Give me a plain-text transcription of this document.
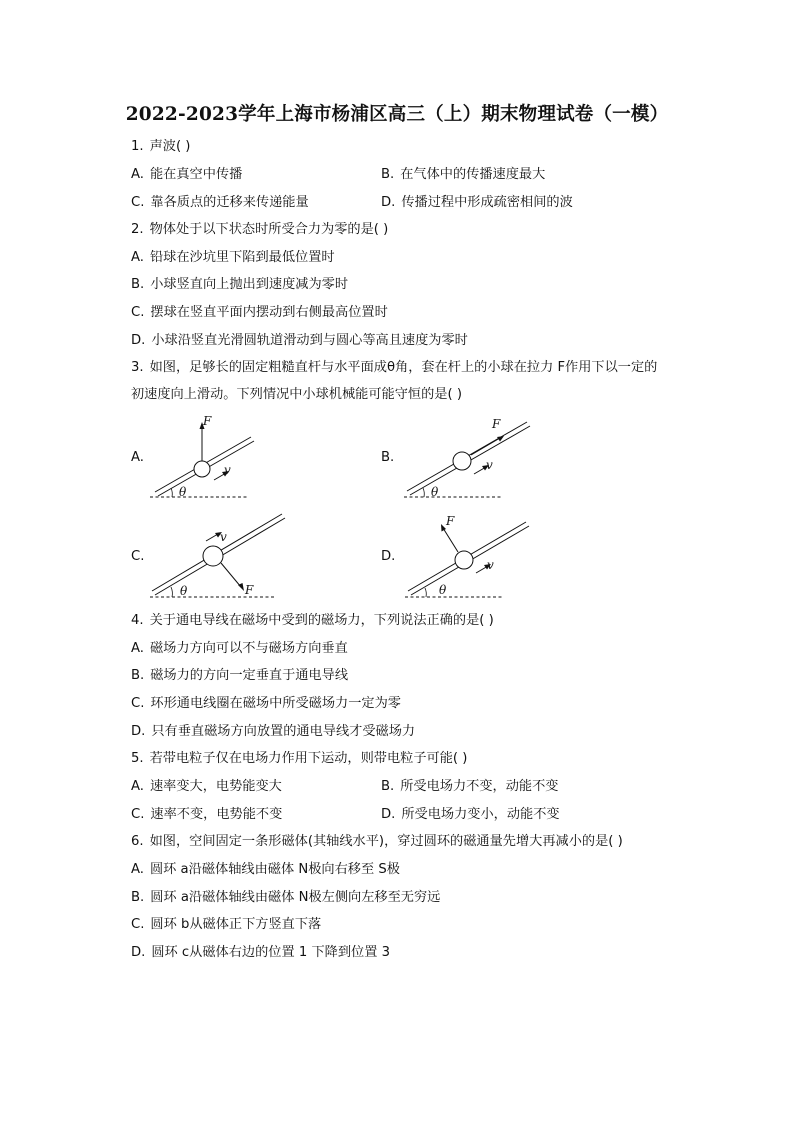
2022-2023学年上海市杨浦区高三（上）期末物理试卷（一模）
1. 声波( )
A. 能在真空中传播	B. 在气体中的传播速度最大
C. 靠各质点的迁移来传递能量	D. 传播过程中形成疏密相间的波
2. 物体处于以下状态时所受合力为零的是( )
A. 铅球在沙坑里下陷到最低位置时
B. 小球竖直向上抛出到速度减为零时
C. 摆球在竖直平面内摆动到右侧最高位置时
D. 小球沿竖直光滑圆轨道滑动到与圆心等高且速度为零时
3. 如图，足够长的固定粗糙直杆与水平面成θ角，套在杆上的小球在拉力 F作用下以一定的
初速度向上滑动。下列情况中小球机械能可能守恒的是( )
A.
F
v
θ
B.
F
v
θ
C.
F
v
θ
D.
F
v
θ
4. 关于通电导线在磁场中受到的磁场力，下列说法正确的是( )
A. 磁场力方向可以不与磁场方向垂直
B. 磁场力的方向一定垂直于通电导线
C. 环形通电线圈在磁场中所受磁场力一定为零
D. 只有垂直磁场方向放置的通电导线才受磁场力
5. 若带电粒子仅在电场力作用下运动，则带电粒子可能( )
A. 速率变大，电势能变大	B. 所受电场力不变，动能不变
C. 速率不变，电势能不变	D. 所受电场力变小，动能不变
6. 如图，空间固定一条形磁体(其轴线水平)，穿过圆环的磁通量先增大再减小的是( )
A. 圆环 a沿磁体轴线由磁体 N极向右移至 S极
B. 圆环 a沿磁体轴线由磁体 N极左侧向左移至无穷远
C. 圆环 b从磁体正下方竖直下落
D. 圆环 c从磁体右边的位置 1 下降到位置 3
